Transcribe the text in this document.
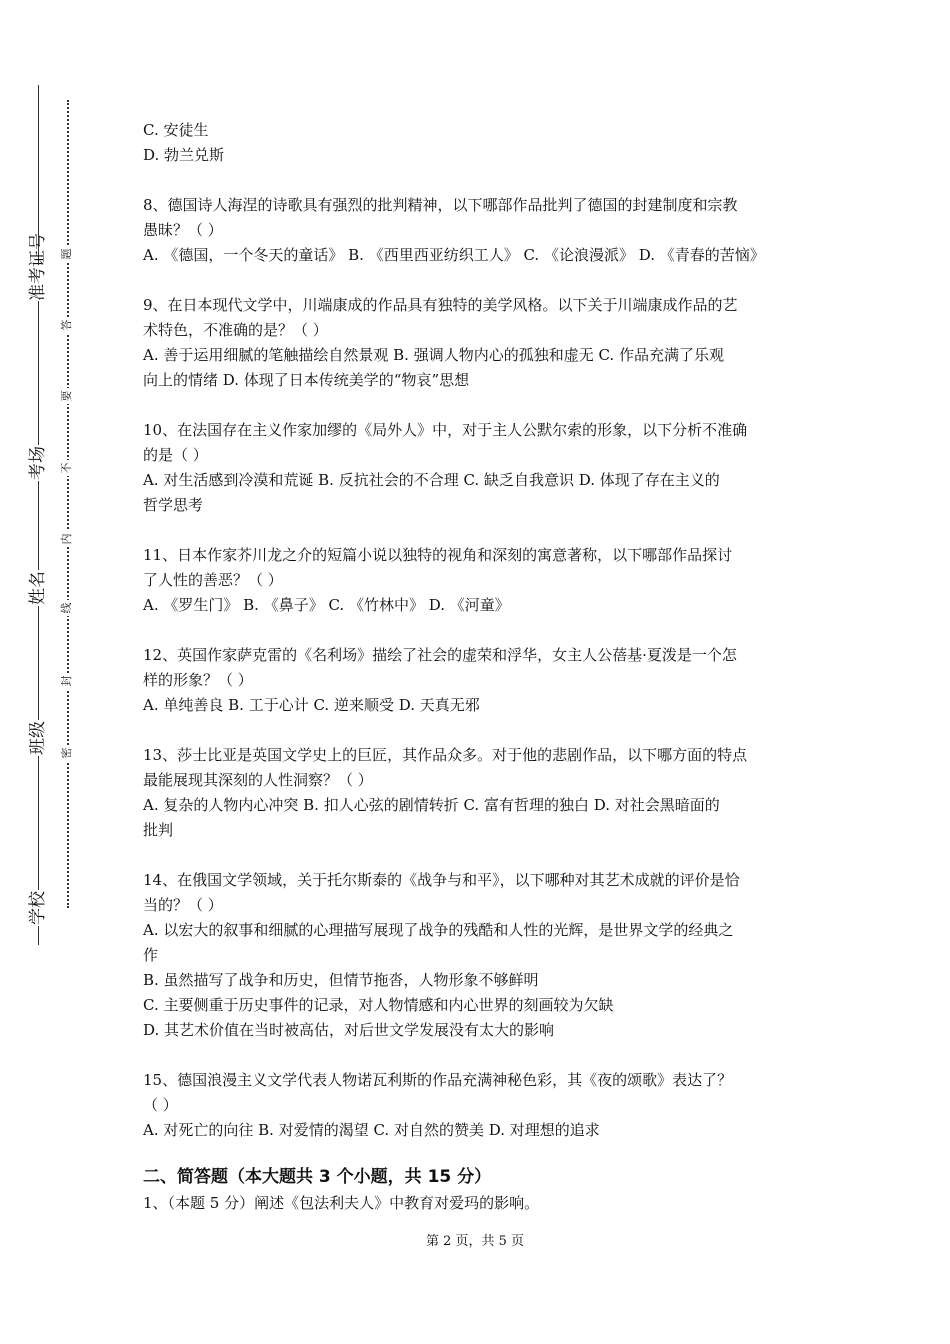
学校
班级
姓名
考场
准考证号
密
封
线
内
不
要
答
题

C. 安徒生

D. 勃兰兑斯

8、德国诗人海涅的诗歌具有强烈的批判精神，以下哪部作品批判了德国的封建制度和宗教

愚昧？（ ）

A. 《德国，一个冬天的童话》 B. 《西里西亚纺织工人》 C. 《论浪漫派》 D. 《青春的苦恼》

9、在日本现代文学中，川端康成的作品具有独特的美学风格。以下关于川端康成作品的艺

术特色，不准确的是？（ ）

A. 善于运用细腻的笔触描绘自然景观 B. 强调人物内心的孤独和虚无 C. 作品充满了乐观

向上的情绪 D. 体现了日本传统美学的“物哀”思想

10、在法国存在主义作家加缪的《局外人》中，对于主人公默尔索的形象，以下分析不准确

的是（ ）

A. 对生活感到冷漠和荒诞 B. 反抗社会的不合理 C. 缺乏自我意识 D. 体现了存在主义的

哲学思考

11、日本作家芥川龙之介的短篇小说以独特的视角和深刻的寓意著称，以下哪部作品探讨

了人性的善恶？（ ）

A. 《罗生门》 B. 《鼻子》 C. 《竹林中》 D. 《河童》

12、英国作家萨克雷的《名利场》描绘了社会的虚荣和浮华，女主人公蓓基·夏泼是一个怎

样的形象？（ ）

A. 单纯善良 B. 工于心计 C. 逆来顺受 D. 天真无邪

13、莎士比亚是英国文学史上的巨匠，其作品众多。对于他的悲剧作品，以下哪方面的特点

最能展现其深刻的人性洞察？（ ）

A. 复杂的人物内心冲突 B. 扣人心弦的剧情转折 C. 富有哲理的独白 D. 对社会黑暗面的

批判

14、在俄国文学领域，关于托尔斯泰的《战争与和平》，以下哪种对其艺术成就的评价是恰

当的？（ ）

A. 以宏大的叙事和细腻的心理描写展现了战争的残酷和人性的光辉，是世界文学的经典之

作

B. 虽然描写了战争和历史，但情节拖沓，人物形象不够鲜明

C. 主要侧重于历史事件的记录，对人物情感和内心世界的刻画较为欠缺

D. 其艺术价值在当时被高估，对后世文学发展没有太大的影响

15、德国浪漫主义文学代表人物诺瓦利斯的作品充满神秘色彩，其《夜的颂歌》表达了？

（ ）

A. 对死亡的向往 B. 对爱情的渴望 C. 对自然的赞美 D. 对理想的追求

二、简答题（本大题共 3 个小题，共 15 分）

1、（本题 5 分）阐述《包法利夫人》中教育对爱玛的影响。

第 2 页，共 5 页
